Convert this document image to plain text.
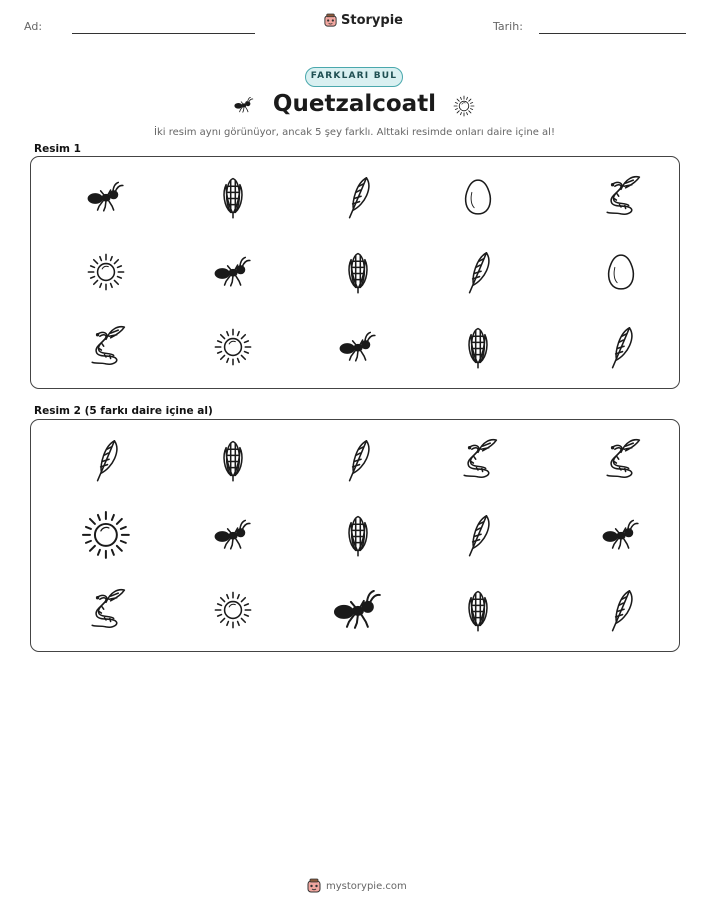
Ad:	Storypie	Tarih:
FARKLARI BUL
Quetzalcoatl
İki resim aynı görünüyor, ancak 5 şey farklı. Alttaki resimde onları daire içine al!
Resim 1
Resim 2 (5 farkı daire içine al)
mystorypie.com
